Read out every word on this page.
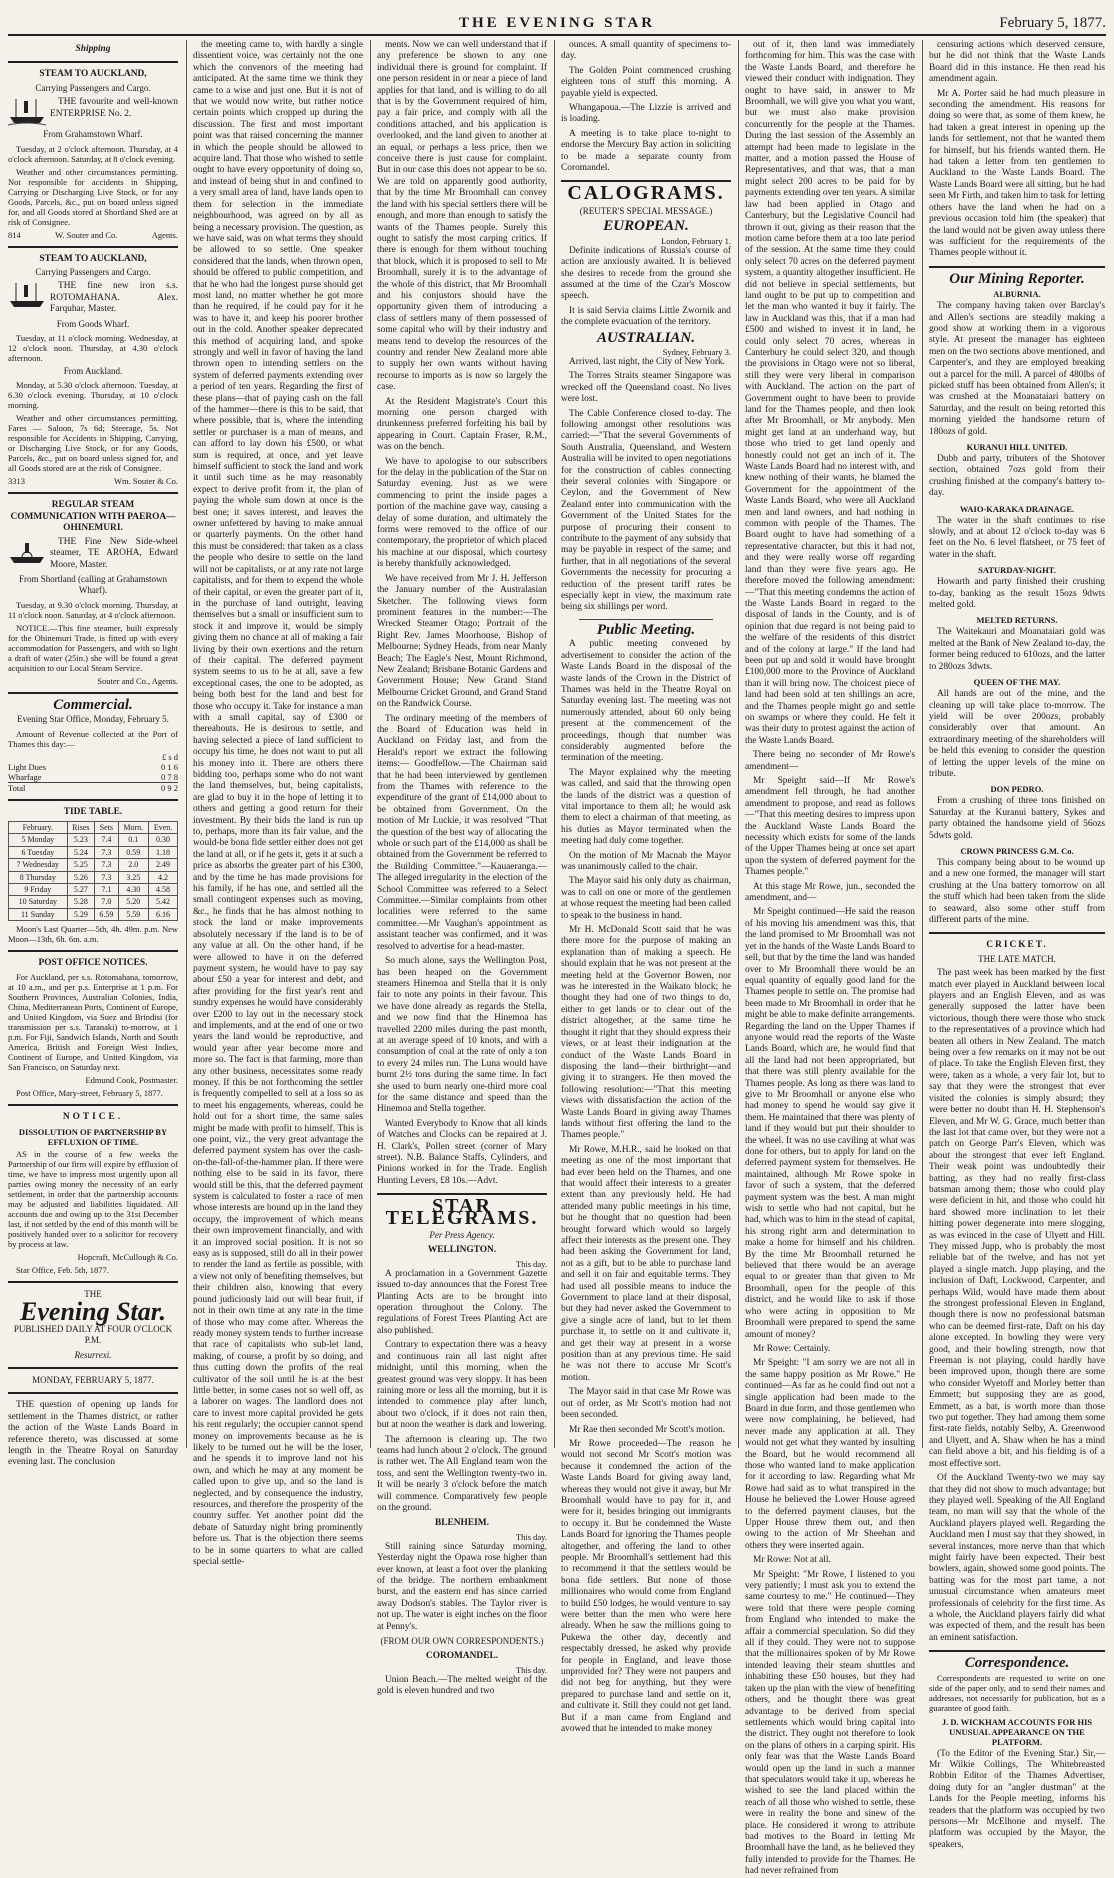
THE EVENING STAR	February 5, 1877.
Shipping
STEAM TO AUCKLAND,
Carrying Passengers and Cargo.

THE favourite and well-known ENTERPRISE No. 2.

From Grahamstown Wharf.

Tuesday, at 2 o'clock afternoon. Thursday, at 4 o'clock afternoon. Saturday, at 8 o'clock evening.

Weather and other circumstances permitting. Not responsible for accidents in Shipping, Carrying or Discharging Live Stock, or for any Goods, Parcels, &c., put on board unless signed for, and all Goods stored at Shortland Shed are at risk of Consignee.

814	W. Souter and Co.	Agents.
STEAM TO AUCKLAND,
Carrying Passengers and Cargo.

THE fine new iron s.s. ROTOMAHANA. Alex. Farquhar, Master.

From Goods Wharf.

Tuesday, at 11 o'clock morning. Wednesday, at 12 o'clock noon. Thursday, at 4.30 o'clock afternoon.

From Auckland.

Monday, at 5.30 o'clock afternoon. Tuesday, at 6.30 o'clock evening. Thursday, at 10 o'clock morning.

Weather and other circumstances permitting. Fares — Saloon, 7s 6d; Steerage, 5s. Not responsible for Accidents in Shipping, Carrying, or Discharging Live Stock, or for any Goods, Parcels, &c., put on board unless signed for, and all Goods stored are at the risk of Consignee.

3313	Wm. Souter & Co.
REGULAR STEAM COMMUNICATION WITH PAEROA—OHINEMURI.

THE Fine New Side-wheel steamer, TE AROHA, Edward Moore, Master.

From Shortland (calling at Grahamstown Wharf).

Tuesday, at 9.30 o'clock morning. Thursday, at 11 o'clock noon. Saturday, at 4 o'clock afternoon.

NOTICE.—This fine steamer, built expressly for the Ohinemuri Trade, is fitted up with every accommodation for Passengers, and with so light a draft of water (25in.) she will be found a great acquisition to our Local Steam Service.

Souter and Co., Agents.

Commercial.
Evening Star Office, Monday, February 5.

Amount of Revenue collected at the Port of Thames this day:—

£ s d
Light Dues	0 1 6
Wharfage	0 7 8
Total	0 9 2
TIDE TABLE.
February.	Rises	Sets	Morn.	Even.
5 Monday	5.23	7.4	0.1	0.30
6 Tuesday	5.24	7.3	0.59	1.18
7 Wednesday	5.25	7.3	2.0	2.49
8 Thursday	5.26	7.3	3.25	4.2
9 Friday	5.27	7.1	4.30	4.58
10 Saturday	5.28	7.0	5.20	5.42
11 Sunday	5.29	6.59	5.59	6.16

Moon's Last Quarter—5th, 4h. 49m. p.m. New Moon—13th, 6h. 6m. a.m.

POST OFFICE NOTICES.

For Auckland, per s.s. Rotomahana, tomorrow, at 10 a.m., and per p.s. Enterprise at 1 p.m. For Southern Provinces, Australian Colonies, India, China, Mediterranean Ports, Continent of Europe, and United Kingdom, via Suez and Brindisi (for transmission per s.s. Taranaki) to-morrow, at 1 p.m. For Fiji, Sandwich Islands, North and South America, British and Foreign West Indies, Continent of Europe, and United Kingdom, via San Francisco, on Saturday next.

Edmund Cook, Postmaster.

Post Office, Mary-street, February 5, 1877.

NOTICE.
DISSOLUTION OF PARTNERSHIP BY EFFLUXION OF TIME.

AS in the course of a few weeks the Partnership of our firm will expire by effluxion of time, we have to impress most urgently upon all parties owing money the necessity of an early settlement, in order that the partnership accounts may be adjusted and liabilities liquidated. All accounts due and owing up to the 31st December last, if not settled by the end of this month will be positively handed over to a solicitor for recovery by process at law.

Hopcraft, McCullough & Co.

Star Office, Feb. 5th, 1877.

THE
Evening Star.
PUBLISHED DAILY AT FOUR O'CLOCK P.M.
Resurrexi.
MONDAY, FEBRUARY 5, 1877.

THE question of opening up lands for settlement in the Thames district, or rather the action of the Waste Lands Board in reference thereto, was discussed at some length in the Theatre Royal on Saturday evening last. The conclusion

the meeting came to, with hardly a single dissentient voice, was certainly not the one which the convenors of the meeting had anticipated. At the same time we think they came to a wise and just one. But it is not of that we would now write, but rather notice certain points which cropped up during the discussion. The first and most important point was that raised concerning the manner in which the people should be allowed to acquire land. That those who wished to settle ought to have every opportunity of doing so, and instead of being shut in and confined to a very small area of land, have lands open to them for selection in the immediate neighbourhood, was agreed on by all as being a necessary provision. The question, as we have said, was on what terms they should be allowed to so settle. One speaker considered that the lands, when thrown open, should be offered to public competition, and that he who had the longest purse should get most land, no matter whether he got more than he required, if he could pay for it he was to have it, and keep his poorer brother out in the cold. Another speaker deprecated this method of acquiring land, and spoke strongly and well in favor of having the land thrown open to intending settlers on the system of deferred payments extending over a period of ten years. Regarding the first of these plans—that of paying cash on the fall of the hammer—there is this to be said, that where possible, that is, where the intending settler or purchaser is a man of means, and can afford to lay down his £500, or what sum is required, at once, and yet leave himself sufficient to stock the land and work it until such time as he may reasonably expect to derive profit from it, the plan of paying the whole sum down at once is the best one; it saves interest, and leaves the owner unfettered by having to make annual or quarterly payments. On the other hand this must be considered: that taken as a class the people who desire to settle on the land will not be capitalists, or at any rate not large capitalists, and for them to expend the whole of their capital, or even the greater part of it, in the purchase of land outright, leaving themselves but a small or insufficient sum to stock it and improve it, would be simply giving them no chance at all of making a fair living by their own exertions and the return of their capital. The deferred payment system seems to us to be at all, save a few exceptional cases, the one to be adopted, as being both best for the land and best for those who occupy it. Take for instance a man with a small capital, say of £300 or thereabouts. He is desirous to settle, and having selected a piece of land sufficient to occupy his time, he does not want to put all his money into it. There are others there bidding too, perhaps some who do not want the land themselves, but, being capitalists, are glad to buy it in the hope of letting it to others and getting a good return for their investment. By their bids the land is run up to, perhaps, more than its fair value, and the would-be bona fide settler either does not get the land at all, or if he gets it, gets it at such a price as absorbs the greater part of his £300, and by the time he has made provisions for his family, if he has one, and settled all the small contingent expenses such as moving, &c., he finds that he has almost nothing to stock the land or make improvements absolutely necessary if the land is to be of any value at all. On the other hand, if he were allowed to have it on the deferred payment system, he would have to pay say about £50 a year for interest and debt, and after providing for the first year's rent and sundry expenses he would have considerably over £200 to lay out in the necessary stock and implements, and at the end of one or two years the land would be reproductive, and would year after year become more and more so. The fact is that farming, more than any other business, necessitates some ready money. If this be not forthcoming the settler is frequently compelled to sell at a loss so as to meet his engagements, whereas, could he hold out for a short time, the same sales might be made with profit to himself. This is one point, viz., the very great advantage the deferred payment system has over the cash-on-the-fall-of-the-hammer plan. If there were nothing else to be said in its favor, there would still be this, that the deferred payment system is calculated to foster a race of men whose interests are bound up in the land they occupy, the improvement of which means their own improvement financially, and with it an improved social position. It is not so easy as is supposed, still do all in their power to render the land as fertile as possible, with a view not only of benefiting themselves, but their children also, knowing that every pound judiciously laid out will bear fruit, if not in their own time at any rate in the time of those who may come after. Whereas the ready money system tends to further increase that race of capitalists who sub-let land, making, of course, a profit by so doing, and thus cutting down the profits of the real cultivator of the soil until he is at the best little better, in some cases not so well off, as a laborer on wages. The landlord does not care to invest more capital provided he gets his rent regularly; the occupier cannot spend money on improvements because as he is likely to be turned out he will be the loser, and he spends it to improve land not his own, and which he may at any moment be called upon to give up, and so the land is neglected, and by consequence the industry, resources, and therefore the prosperity of the country suffer. Yet another point did the debate of Saturday night bring prominently before us. That is the objection there seems to be in some quarters to what are called special settle-

ments. Now we can well understand that if any preference be shown to any one individual there is ground for complaint. If one person resident in or near a piece of land applies for that land, and is willing to do all that is by the Government required of him, pay a fair price, and comply with all the conditions attached, and his application is overlooked, and the land given to another at an equal, or perhaps a less price, then we conceive there is just cause for complaint. But in our case this does not appear to be so. We are told on apparently good authority, that by the time Mr Broomhall can convey the land with his special settlers there will be enough, and more than enough to satisfy the wants of the Thames people. Surely this ought to satisfy the most carping critics. If there is enough for them without touching that block, which it is proposed to sell to Mr Broomhall, surely it is to the advantage of the whole of this district, that Mr Broomhall and his conjustors should have the opportunity given them of introducing a class of settlers many of them possessed of some capital who will by their industry and means tend to develop the resources of the country and render New Zealand more able to supply her own wants without having recourse to imports as is now so largely the case.

At the Resident Magistrate's Court this morning one person charged with drunkenness preferred forfeiting his bail by appearing in Court. Captain Fraser, R.M., was on the bench.

We have to apologise to our subscribers for the delay in the publication of the Star on Saturday evening. Just as we were commencing to print the inside pages a portion of the machine gave way, causing a delay of some duration, and ultimately the forms were removed to the office of our contemporary, the proprietor of which placed his machine at our disposal, which courtesy is hereby thankfully acknowledged.

We have received from Mr J. H. Jefferson the January number of the Australasian Sketcher. The following views form prominent features in the number:—The Wrecked Steamer Otago; Portrait of the Right Rev. James Moorhouse, Bishop of Melbourne; Sydney Heads, from near Manly Beach; The Eagle's Nest, Mount Richmond, New Zealand; Brisbane Botanic Gardens and Government House; New Grand Stand Melbourne Cricket Ground, and Grand Stand on the Randwick Course.

The ordinary meeting of the members of the Board of Education was held in Auckland on Friday last, and from the Herald's report we extract the following items:— Goodfellow.—The Chairman said that he had been interviewed by gentlemen from the Thames with reference to the expenditure of the grant of £14,000 about to be obtained from Government. On the motion of Mr Luckie, it was resolved "That the question of the best way of allocating the whole or such part of the £14,000 as shall be obtained from the Government be referred to the Building Committee."—Kauaeranga.—The alleged irregularity in the election of the School Committee was referred to a Select Committee.—Similar complaints from other localities were referred to the same committee.—Mr Vaughan's appointment as assistant teacher was confirmed, and it was resolved to advertise for a head-master.

So much alone, says the Wellington Post, has been heaped on the Government steamers Hinemoa and Stella that it is only fair to note any points in their favour. This we have done already as regards the Stella, and we now find that the Hinemoa has travelled 2200 miles during the past month, at an average speed of 10 knots, and with a consumption of coal at the rate of only a ton to every 24 miles run. The Luna would have burnt 2½ tons during the same time. In fact she used to burn nearly one-third more coal for the same distance and speed than the Hinemoa and Stella together.

Wanted Everybody to Know that all kinds of Watches and Clocks can be repaired at J. H. Clark's, Pollen street (corner of Mary street). N.B. Balance Staffs, Cylinders, and Pinions worked in for the Trade. English Hunting Levers, £8 10s.—Advt.

STAR TELEGRAMS.
Per Press Agency.
WELLINGTON.
This day.

A proclamation in a Government Gazette issued to-day announces that the Forest Tree Planting Acts are to be brought into operation throughout the Colony. The regulations of Forest Trees Planting Act are also published.

Contrary to expectation there was a heavy and continuous rain all last night after midnight, until this morning, when the greatest ground was very sloppy. It has been raining more or less all the morning, but it is intended to commence play after lunch, about two o'clock, if it does not rain then, but at noon the weather is dark and lowering.

The afternoon is clearing up. The two teams had lunch about 2 o'clock. The ground is rather wet. The All England team won the toss, and sent the Wellington twenty-two in. It will be nearly 3 o'clock before the match will commence. Comparatively few people on the ground.

BLENHEIM.
This day.

Still raining since Saturday morning. Yesterday night the Opawa rose higher than ever known, at least a foot over the planking of the bridge. The northern embankment burst, and the eastern end has since carried away Dodson's stables. The Taylor river is not up. The water is eight inches on the floor at Penny's.

(FROM OUR OWN CORRESPONDENTS.)
COROMANDEL.
This day.

Union Beach.—The melted weight of the gold is eleven hundred and two

ounces. A small quantity of specimens to-day.

The Golden Point commenced crushing eighteen tons of stuff this morning. A payable yield is expected.

Whangapoua.—The Lizzie is arrived and is loading.

A meeting is to take place to-night to endorse the Mercury Bay action in soliciting to be made a separate county from Coromandel.

CALOGRAMS.
(REUTER'S SPECIAL MESSAGE.)
EUROPEAN.
London, February 1.

Definite indications of Russia's course of action are anxiously awaited. It is believed she desires to recede from the ground she assumed at the time of the Czar's Moscow speech.

It is said Servia claims Little Zwornik and the complete evacuation of the territory.

AUSTRALIAN.
Sydney, February 3.

Arrived, last night, the City of New York.

The Torres Straits steamer Singapore was wrecked off the Queensland coast. No lives were lost.

The Cable Conference closed to-day. The following amongst other resolutions was carried:—"That the several Governments of South Australia, Queensland, and Western Australia will be invited to open negotiations for the construction of cables connecting their several colonies with Singapore or Ceylon, and the Government of New Zealand enter into communication with the Government of the United States for the purpose of procuring their consent to contribute to the payment of any subsidy that may be payable in respect of the same; and further, that in all negotiations of the several Governments the necessity for procuring a reduction of the present tariff rates be especially kept in view, the maximum rate being six shillings per word.

Public Meeting.

A public meeting convened by advertisement to consider the action of the Waste Lands Board in the disposal of the waste lands of the Crown in the District of Thames was held in the Theatre Royal on Saturday evening last. The meeting was not numerously attended, about 60 only being present at the commencement of the proceedings, though that number was considerably augmented before the termination of the meeting.

The Mayor explained why the meeting was called, and said that the throwing open the lands of the district was a question of vital importance to them all; he would ask them to elect a chairman of that meeting, as his duties as Mayor terminated when the meeting had duly come together.

On the motion of Mr Macnab the Mayor was unanimously called to the chair.

The Mayor said his only duty as chairman, was to call on one or more of the gentlemen at whose request the meeting had been called to speak to the business in hand.

Mr H. McDonald Scott said that he was there more for the purpose of making an explanation than of making a speech. He should explain that he was not present at the meeting held at the Governor Bowen, nor was he interested in the Waikato block; he thought they had one of two things to do, either to get lands or to clear out of the district altogether, at the same time he thought it right that they should express their views, or at least their indignation at the conduct of the Waste Lands Board in disposing the land—their birthright—and giving it to strangers. He then moved the following resolution:—"That this meeting views with dissatisfaction the action of the Waste Lands Board in giving away Thames lands without first offering the land to the Thames people."

Mr Rowe, M.H.R., said he looked on that meeting as one of the most important that had ever been held on the Thames, and one that would affect their interests to a greater extent than any previously held. He had attended many public meetings in his time, but he thought that no question had been brought forward which would so largely affect their interests as the present one. They had been asking the Government for land, not as a gift, but to be able to purchase land and sell it on fair and equitable terms. They had used all possible means to induce the Government to place land at their disposal, but they had never asked the Government to give a single acre of land, but to let them purchase it, to settle on it and cultivate it, and get their way at present in a worse position than at any previous time. He said he was not there to accuse Mr Scott's motion.

The Mayor said in that case Mr Rowe was out of order, as Mr Scott's motion had not been seconded.

Mr Rae then seconded Mr Scott's motion.

Mr Rowe proceeded—The reason he would not second Mr Scott's motion was because it condemned the action of the Waste Lands Board for giving away land, whereas they would not give it away, but Mr Broomhall would have to pay for it, and were for it, besides bringing out immigrants to occupy it. But he condemned the Waste Lands Board for ignoring the Thames people altogether, and offering the land to other people. Mr Broomhall's settlement had this to recommend it that the settlers would be bona fide settlers. But none of those millionaires who would come from England to build £50 lodges, he would venture to say were better than the men who were here already. When he saw the millions going to Pukewa the other day, decently and respectably dressed, he asked why provide for people in England, and leave those unprovided for? They were not paupers and did not beg for anything, but they were prepared to purchase land and settle on it, and cultivate it. Still they could not get land. But if a man came from England and avowed that he intended to make money

out of it, then land was immediately forthcoming for him. This was the case with the Waste Lands Board, and therefore he viewed their conduct with indignation. They ought to have said, in answer to Mr Broomhall, we will give you what you want, but we must also make provision concurrently for the people at the Thames. During the last session of the Assembly an attempt had been made to legislate in the matter, and a motion passed the House of Representatives, and that was, that a man might select 200 acres to be paid for by payments extending over ten years. A similar law had been applied in Otago and Canterbury, but the Legislative Council had thrown it out, giving as their reason that the motion came before them at a too late period of the session. At the same time they could only select 70 acres on the deferred payment system, a quantity altogether insufficient. He did not believe in special settlements, but land ought to be put up to competition and let the man who wanted it buy it fairly. The law in Auckland was this, that if a man had £500 and wished to invest it in land, he could only select 70 acres, whereas in Canterbury he could select 320, and though the provisions in Otago were not so liberal, still they were very liberal in comparison with Auckland. The action on the part of Government ought to have been to provide land for the Thames people, and then look after Mr Broomhall, or Mr anybody. Men might get land at an underhand way, but those who tried to get land openly and honestly could not get an inch of it. The Waste Lands Board had no interest with, and knew nothing of their wants, he blamed the Government for the appointment of the Waste Lands Board, who were all Auckland men and land owners, and had nothing in common with people of the Thames. The Board ought to have had something of a representative character, but this it had not, and they were really worse off regarding land than they were five years ago. He therefore moved the following amendment:—"That this meeting condemns the action of the Waste Lands Board in regard to the disposal of lands in the County, and is of opinion that due regard is not being paid to the welfare of the residents of this district and of the colony at large." If the land had been put up and sold it would have brought £100,000 more to the Province of Auckland than it will bring now. The choicest piece of land had been sold at ten shillings an acre, and the Thames people might go and settle on swamps or where they could. He felt it was their duty to protest against the action of the Waste Lands Board.

There being no seconder of Mr Rowe's amendment—

Mr Speight said—If Mr Rowe's amendment fell through, he had another amendment to propose, and read as follows—"That this meeting desires to impress upon the Auckland Waste Lands Board the necessity which exists for some of the lands of the Upper Thames being at once set apart upon the system of deferred payment for the Thames people."

At this stage Mr Rowe, jun., seconded the amendment, and—

Mr Speight continued—He said the reason of his moving his amendment was this, that the land promised to Mr Broomhall was not yet in the hands of the Waste Lands Board to sell, but that by the time the land was handed over to Mr Broomhall there would be an equal quantity of equally good land for the Thames people to settle on. The promise had been made to Mr Broomhall in order that he might be able to make definite arrangements. Regarding the land on the Upper Thames if anyone would read the reports of the Waste Lands Board, which are, he would find that all the land had not been appropriated, but that there was still plenty available for the Thames people. As long as there was land to give to Mr Broomhall or anyone else who had money to spend he would say give it them. He maintained that there was plenty of land if they would but put their shoulder to the wheel. It was no use caviling at what was done for others, but to apply for land on the deferred payment system for themselves. He maintained, although Mr Rowe spoke in favor of such a system, that the deferred payment system was the best. A man might wish to settle who had not capital, but he had, which was to him in the stead of capital, his strong right arm and determination to make a home for himself and his children. By the time Mr Broomhall returned he believed that there would be an average equal to or greater than that given to Mr Broomhall, open for the people of this district, and he would like to ask if those who were acting in opposition to Mr Broomhall were prepared to spend the same amount of money?

Mr Rowe: Certainly.

Mr Speight: "I am sorry we are not all in the same happy position as Mr Rowe." He continued—As far as he could find out not a single application had been made to the Board in due form, and those gentlemen who were now complaining, he believed, had never made any application at all. They would not get what they wanted by insulting the Board, but he would recommend all those who wanted land to make application for it according to law. Regarding what Mr Rowe had said as to what transpired in the House he believed the Lower House agreed to the deferred payment clauses, but the Upper House threw them out, and then owing to the action of Mr Sheehan and others they were inserted again.

Mr Rowe: Not at all.

Mr Speight: "Mr Rowe, I listened to you very patiently; I must ask you to extend the same courtesy to me." He continued—They were told that there were people coming from England who intended to make the affair a commercial speculation. So did they all if they could. They were not to suppose that the millionaires spoken of by Mr Rowe intended leaving their steam shuttles and inhabiting these £50 houses, but they had taken up the plan with the view of benefiting others, and he thought there was great advantage to be derived from special settlements which would bring capital into the district. They ought not therefore to look on the plans of others in a carping spirit. His only fear was that the Waste Lands Board would open up the land in such a manner that speculators would take it up, whereas he wished to see the land placed within the reach of all those who wished to settle, these were in reality the bone and sinew of the place. He considered it wrong to attribute bad motives to the Board in letting Mr Broomhall have the land, as he believed they fully intended to provide for the Thames. He had never refrained from

censuring actions which deserved censure, but he did not think that the Waste Lands Board did in this instance. He then read his amendment again.

Mr A. Porter said he had much pleasure in seconding the amendment. His reasons for doing so were that, as some of them knew, he had taken a great interest in opening up the lands for settlement, not that he wanted them for himself, but his friends wanted them. He had taken a letter from ten gentlemen to Auckland to the Waste Lands Board. The Waste Lands Board were all sitting, but he had seen Mr Firth, and taken him to task for letting others have the land when he had on a previous occasion told him (the speaker) that the land would not be given away unless there was sufficient for the requirements of the Thames people without it.

Our Mining Reporter.
ALBURNIA.

The company having taken over Barclay's and Allen's sections are steadily making a good show at working them in a vigorous style. At present the manager has eighteen men on the two sections above mentioned, and Carpenter's, and they are employed breaking out a parcel for the mill. A parcel of 480lbs of picked stuff has been obtained from Allen's; it was crushed at the Moanataiari battery on Saturday, and the result on being retorted this morning yielded the handsome return of 180ozs of gold.

KURANUI HILL UNITED.

Dubb and party, tributers of the Shotover section, obtained 7ozs gold from their crushing finished at the company's battery to-day.

WAIO-KARAKA DRAINAGE.

The water in the shaft continues to rise slowly, and at about 12 o'clock to-day was 6 feet on the No. 6 level flatsheet, or 75 feet of water in the shaft.

SATURDAY-NIGHT.

Howarth and party finished their crushing to-day, banking as the result 15ozs 9dwts melted gold.

MELTED RETURNS.

The Waitekauri and Moanataiari gold was melted at the Bank of New Zealand to-day, the former being reduced to 610ozs, and the latter to 280ozs 3dwts.

QUEEN OF THE MAY.

All hands are out of the mine, and the cleaning up will take place to-morrow. The yield will be over 200ozs, probably considerably over that amount. An extraordinary meeting of the shareholders will be held this evening to consider the question of letting the upper levels of the mine on tribute.

DON PEDRO.

From a crushing of three tons finished on Saturday at the Kuranui battery, Sykes and party obtained the handsome yield of 56ozs 5dwts gold.

CROWN PRINCESS G.M. Co.

This company being about to be wound up and a new one formed, the manager will start crushing at the Una battery tomorrow on all the stuff which had been taken from the slide to seaward, also some other stuff from different parts of the mine.

CRICKET.
THE LATE MATCH.

The past week has been marked by the first match ever played in Auckland between local players and an English Eleven, and as was generally supposed the latter have been victorious, though there were those who stuck to the representatives of a province which had beaten all others in New Zealand. The match being over a few remarks on it may not be out of place. To take the English Eleven first, they were, taken as a whole, a very fair lot, but to say that they were the strongest that ever visited the colonies is simply absurd; they were better no doubt than H. H. Stephenson's Eleven, and Mr W. G. Grace, much better than the last lot that came over, but they were not a patch on George Parr's Eleven, which was about the strongest that ever left England. Their weak point was undoubtedly their batting, as they had no really first-class batsman among them; those who could play were deficient in hit, and those who could hit hard showed more inclination to let their hitting power degenerate into mere slogging, as was evinced in the case of Ulyett and Hill. They missed Jupp, who is probably the most reliable bat of the twelve, and has not yet played a single match. Jupp playing, and the inclusion of Daft, Lockwood, Carpenter, and perhaps Wild, would have made them about the strongest professional Eleven in England, though there is now no professional batsman who can be deemed first-rate, Daft on his day alone excepted. In bowling they were very good, and their bowling strength, now that Freeman is not playing, could hardly have been improved upon, though there are some who consider Wyetoff and Morley better than Emmett; but supposing they are as good, Emmett, as a bat, is worth more than those two put together. They had among them some first-rate fields, notably Selby, A. Greenwood and Ulyett, and A. Shaw when he has a mind can field above a bit, and his fielding is of a most effective sort.

Of the Auckland Twenty-two we may say that they did not show to much advantage; but they played well. Speaking of the All England team, no man will say that the whole of the Auckland players played well. Regarding the Auckland men I must say that they showed, in several instances, more nerve than that which might fairly have been expected. Their best bowlers, again, showed some good points. The batting was for the most part tame, a not unusual circumstance when amateurs meet professionals of celebrity for the first time. As a whole, the Auckland players fairly did what was expected of them, and the result has been an eminent satisfaction.

Correspondence.

Correspondents are requested to write on one side of the paper only, and to send their names and addresses, not necessarily for publication, but as a guarantee of good faith.

J. D. WICKHAM ACCOUNTS FOR HIS UNUSUAL APPEARANCE ON THE PLATFORM.

(To the Editor of the Evening Star.) Sir,—Mr Wilkie Collings, The Whitebreasted Robbin Editor of the Thames Advertiser, doing duty for an "angler dustman" at the Lands for the People meeting, informs his readers that the platform was occupied by two persons—Mr McElhone and myself. The platform was occupied by the Mayor, the speakers,
